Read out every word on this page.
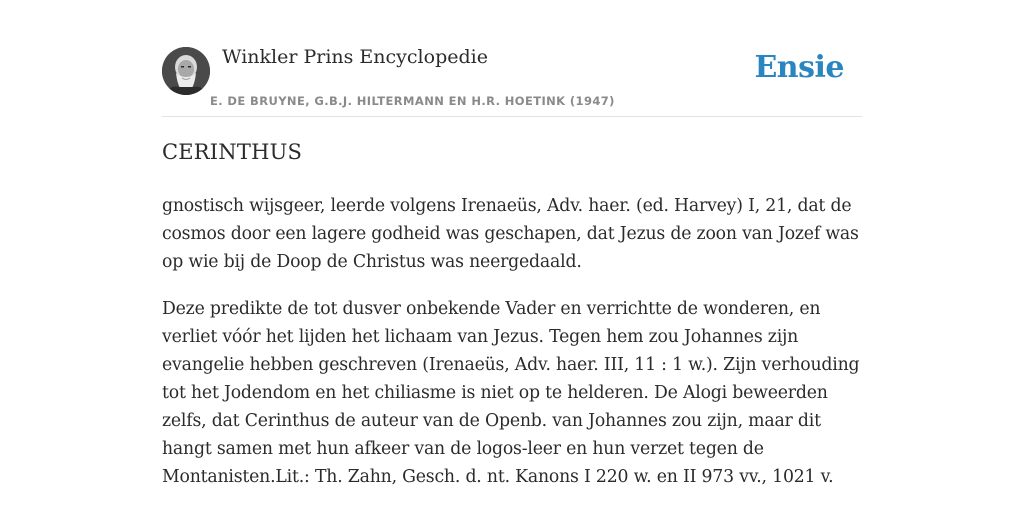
Winkler Prins Encyclopedie
E. DE BRUYNE, G.B.J. HILTERMANN EN H.R. HOETINK (1947)
Ensie
CERINTHUS

gnostisch wijsgeer, leerde volgens Irenaeüs, Adv. haer. (ed. Harvey) I, 21, dat de cosmos door een lagere godheid was geschapen, dat Jezus de zoon van Jozef was op wie bij de Doop de Christus was neergedaald.

Deze predikte de tot dusver onbekende Vader en verrichtte de wonderen, en verliet vóór het lijden het lichaam van Jezus. Tegen hem zou Johannes zijn evangelie hebben geschreven (Irenaeüs, Adv. haer. III, 11 : 1 w.). Zijn verhouding tot het Jodendom en het chiliasme is niet op te helderen. De Alogi beweerden zelfs, dat Cerinthus de auteur van de Openb. van Johannes zou zijn, maar dit hangt samen met hun afkeer van de logos-leer en hun verzet tegen de Montanisten.Lit.: Th. Zahn, Gesch. d. nt. Kanons I 220 w. en II 973 vv., 1021 v.
